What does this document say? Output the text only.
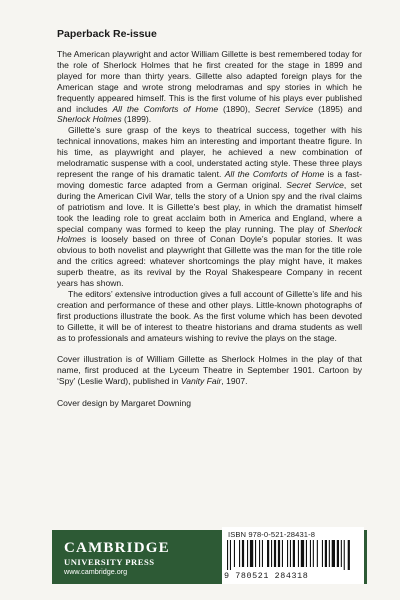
Paperback Re-issue

The American playwright and actor William Gillette is best remembered today for the role of Sherlock Holmes that he first created for the stage in 1899 and played for more than thirty years. Gillette also adapted foreign plays for the American stage and wrote strong melodramas and spy stories in which he frequently appeared himself. This is the first volume of his plays ever published and includes All the Comforts of Home (1890), Secret Service (1895) and Sherlock Holmes (1899).

Gillette’s sure grasp of the keys to theatrical success, together with his technical innovations, makes him an interesting and important theatre figure. In his time, as playwright and player, he achieved a new combination of melodramatic suspense with a cool, understated acting style. These three plays represent the range of his dramatic talent. All the Comforts of Home is a fast-moving domestic farce adapted from a German original. Secret Service, set during the American Civil War, tells the story of a Union spy and the rival claims of patriotism and love. It is Gillette’s best play, in which the dramatist himself took the leading role to great acclaim both in America and England, where a special company was formed to keep the play running. The play of Sherlock Holmes is loosely based on three of Conan Doyle’s popular stories. It was obvious to both novelist and playwright that Gillette was the man for the title role and the critics agreed: whatever shortcomings the play might have, it makes superb theatre, as its revival by the Royal Shakespeare Company in recent years has shown.

The editors’ extensive introduction gives a full account of Gillette’s life and his creation and performance of these and other plays. Little-known photographs of first productions illustrate the book. As the first volume which has been devoted to Gillette, it will be of interest to theatre historians and drama students as well as to professionals and amateurs wishing to revive the plays on the stage.

Cover illustration is of William Gillette as Sherlock Holmes in the play of that name, first produced at the Lyceum Theatre in September 1901. Cartoon by ‘Spy’ (Leslie Ward), published in Vanity Fair, 1907.

Cover design by Margaret Downing

CAMBRIDGE
UNIVERSITY PRESS
www.cambridge.org
ISBN 978-0-521-28431-8
9 780521 284318
